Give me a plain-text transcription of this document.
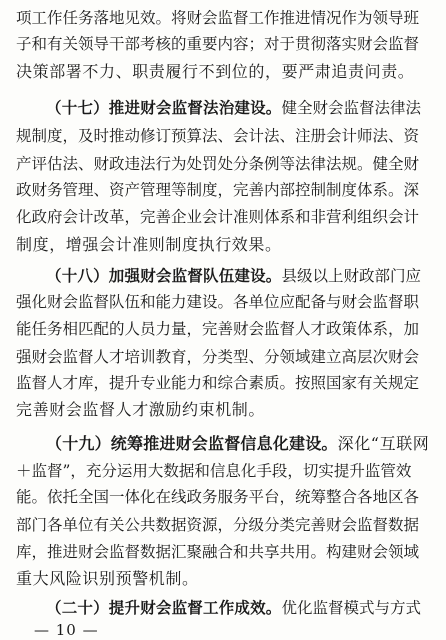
项工作任务落地见效。将财会监督工作推进情况作为领导班
子和有关领导干部考核的重要内容；对于贯彻落实财会监督
决策部署不力、职责履行不到位的，要严肃追责问责。
（十七）推进财会监督法治建设。健全财会监督法律法
规制度，及时推动修订预算法、会计法、注册会计师法、资
产评估法、财政违法行为处罚处分条例等法律法规。健全财
政财务管理、资产管理等制度，完善内部控制制度体系。深
化政府会计改革，完善企业会计准则体系和非营利组织会计
制度，增强会计准则制度执行效果。
（十八）加强财会监督队伍建设。县级以上财政部门应
强化财会监督队伍和能力建设。各单位应配备与财会监督职
能任务相匹配的人员力量，完善财会监督人才政策体系，加
强财会监督人才培训教育，分类型、分领域建立高层次财会
监督人才库，提升专业能力和综合素质。按照国家有关规定
完善财会监督人才激励约束机制。
（十九）统筹推进财会监督信息化建设。深化“互联网
＋监督”，充分运用大数据和信息化手段，切实提升监管效
能。依托全国一体化在线政务服务平台，统筹整合各地区各
部门各单位有关公共数据资源，分级分类完善财会监督数据
库，推进财会监督数据汇聚融合和共享共用。构建财会领域
重大风险识别预警机制。
（二十）提升财会监督工作成效。优化监督模式与方式
— 10 —
